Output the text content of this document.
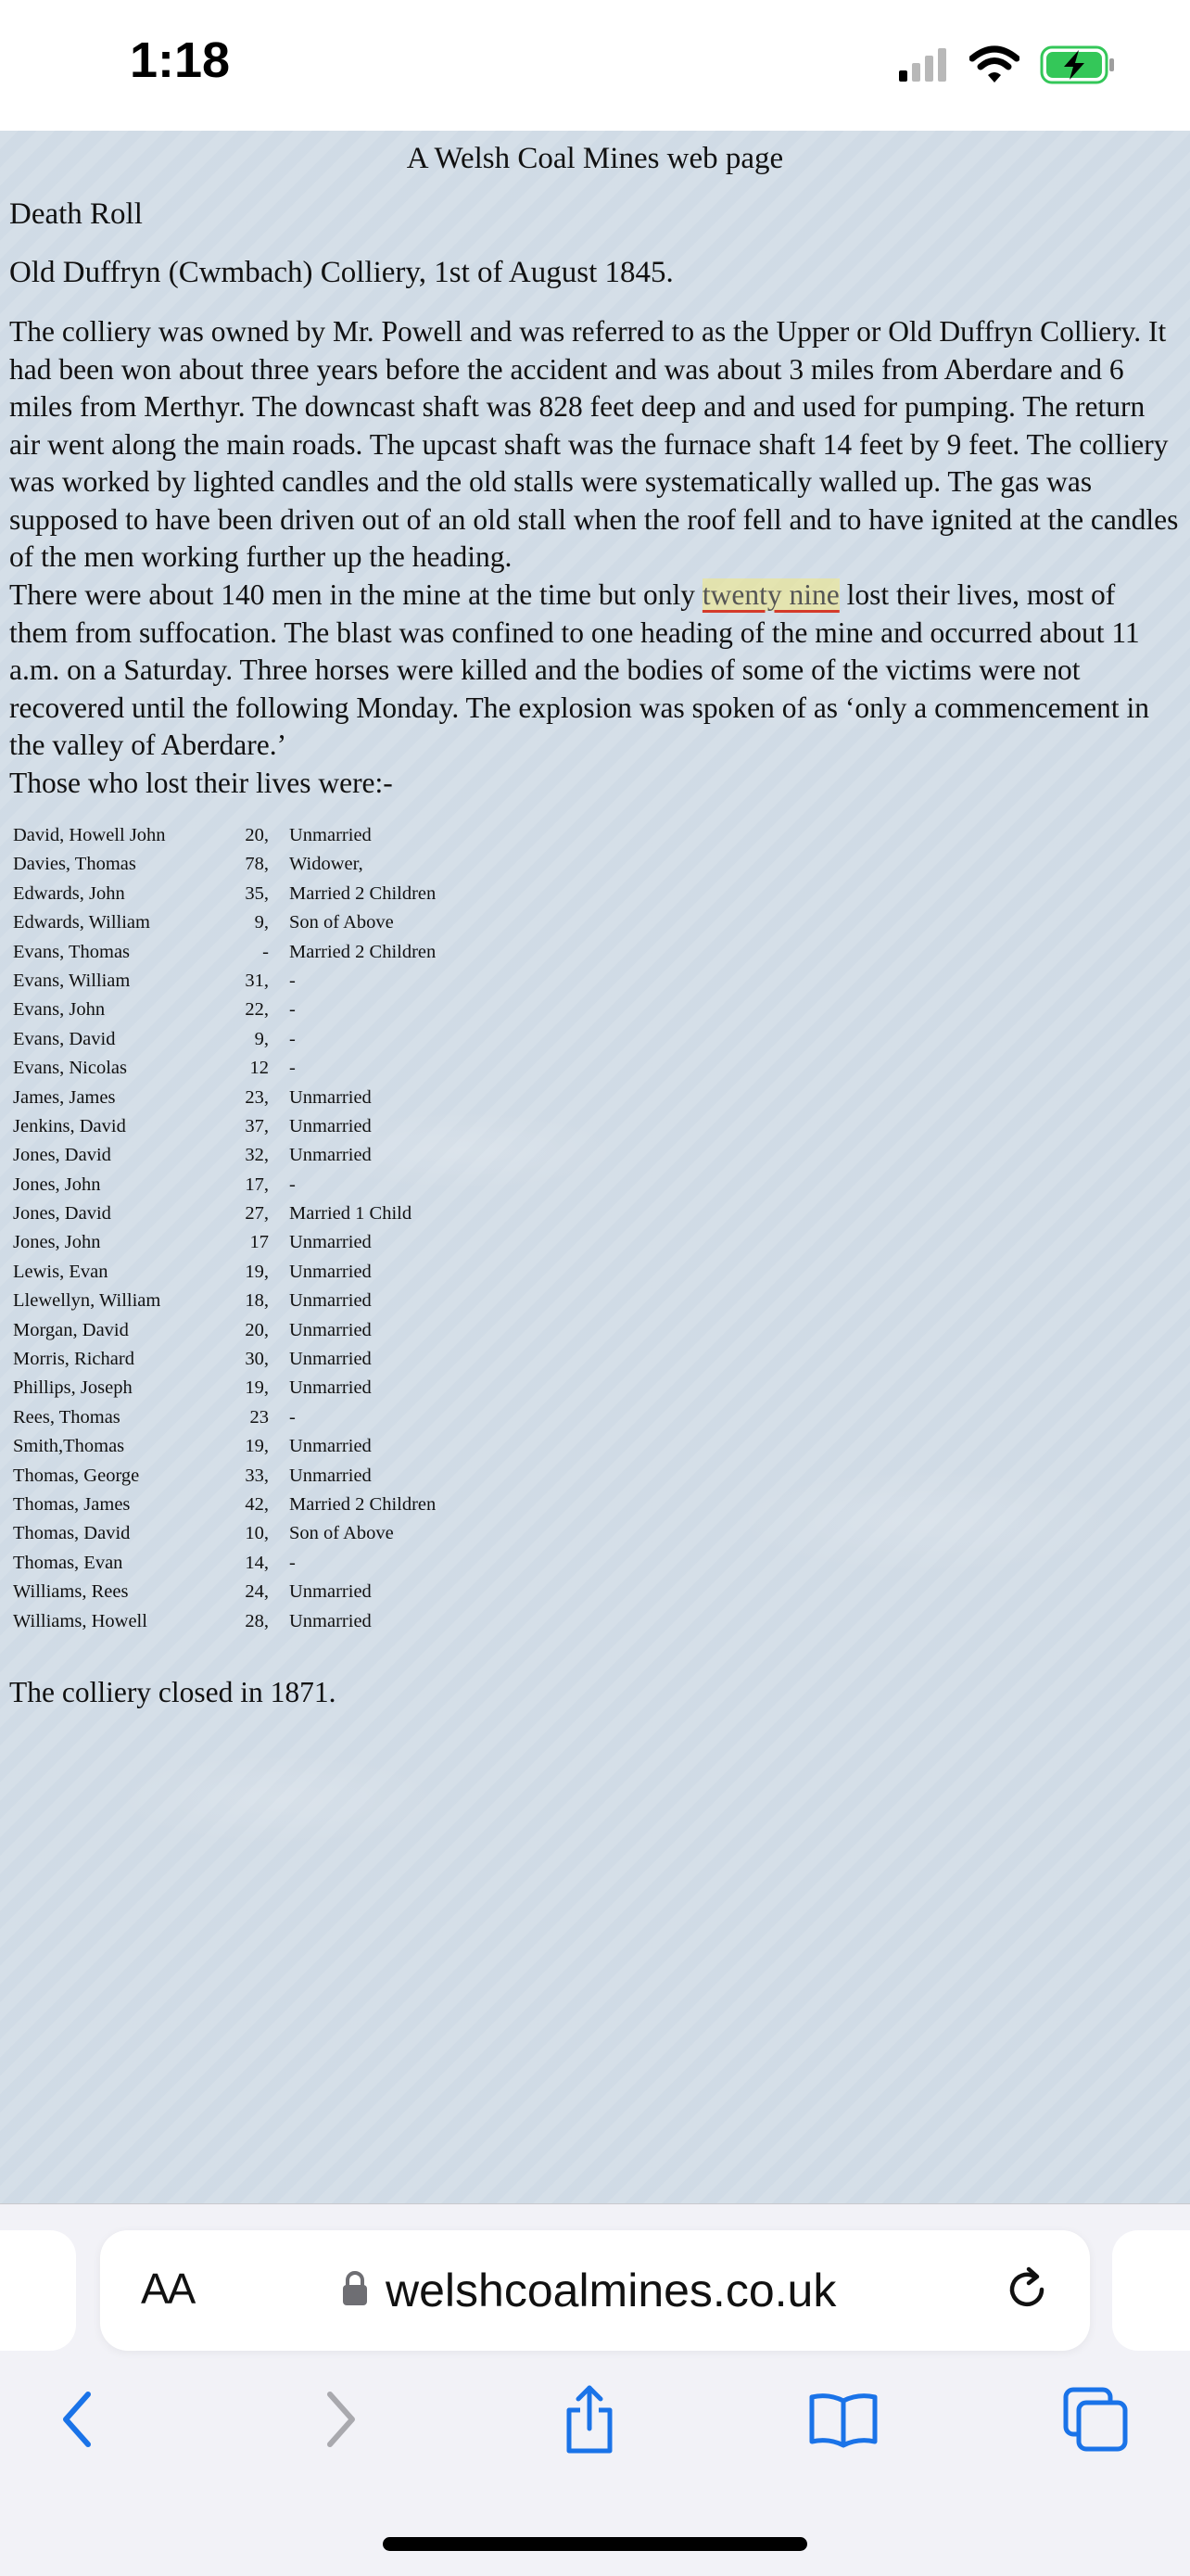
1:18
A Welsh Coal Mines web page
Death Roll
Old Duffryn (Cwmbach) Colliery, 1st of August 1845.

The colliery was owned by Mr. Powell and was referred to as the Upper or Old Duffryn Colliery. It had been won about three years before the accident and was about 3 miles from Aberdare and 6 miles from Merthyr. The downcast shaft was 828 feet deep and and used for pumping. The return air went along the main roads. The upcast shaft was the furnace shaft 14 feet by 9 feet. The colliery was worked by lighted candles and the old stalls were systematically walled up. The gas was supposed to have been driven out of an old stall when the roof fell and to have ignited at the candles of the men working further up the heading.

There were about 140 men in the mine at the time but only twenty nine lost their lives, most of them from suffocation. The blast was confined to one heading of the mine and occurred about 11 a.m. on a Saturday. Three horses were killed and the bodies of some of the victims were not recovered until the following Monday. The explosion was spoken of as ‘only a commencement in the valley of Aberdare.’

Those who lost their lives were:-

David, Howell John	20, Unmarried
Davies, Thomas	78, Widower,
Edwards, John	35, Married 2 Children
Edwards, William	9, Son of Above
Evans, Thomas	- Married 2 Children
Evans, William	31, -
Evans, John	22, -
Evans, David	9, -
Evans, Nicolas	12 -
James, James	23, Unmarried
Jenkins, David	37, Unmarried
Jones, David	32, Unmarried
Jones, John	17, -
Jones, David	27, Married 1 Child
Jones, John	17 Unmarried
Lewis, Evan	19, Unmarried
Llewellyn, William	18, Unmarried
Morgan, David	20, Unmarried
Morris, Richard	30, Unmarried
Phillips, Joseph	19, Unmarried
Rees, Thomas	23 -
Smith,Thomas	19, Unmarried
Thomas, George	33, Unmarried
Thomas, James	42, Married 2 Children
Thomas, David	10, Son of Above
Thomas, Evan	14, -
Williams, Rees	24, Unmarried
Williams, Howell	28, Unmarried
The colliery closed in 1871.
AA	welshcoalmines.co.uk
